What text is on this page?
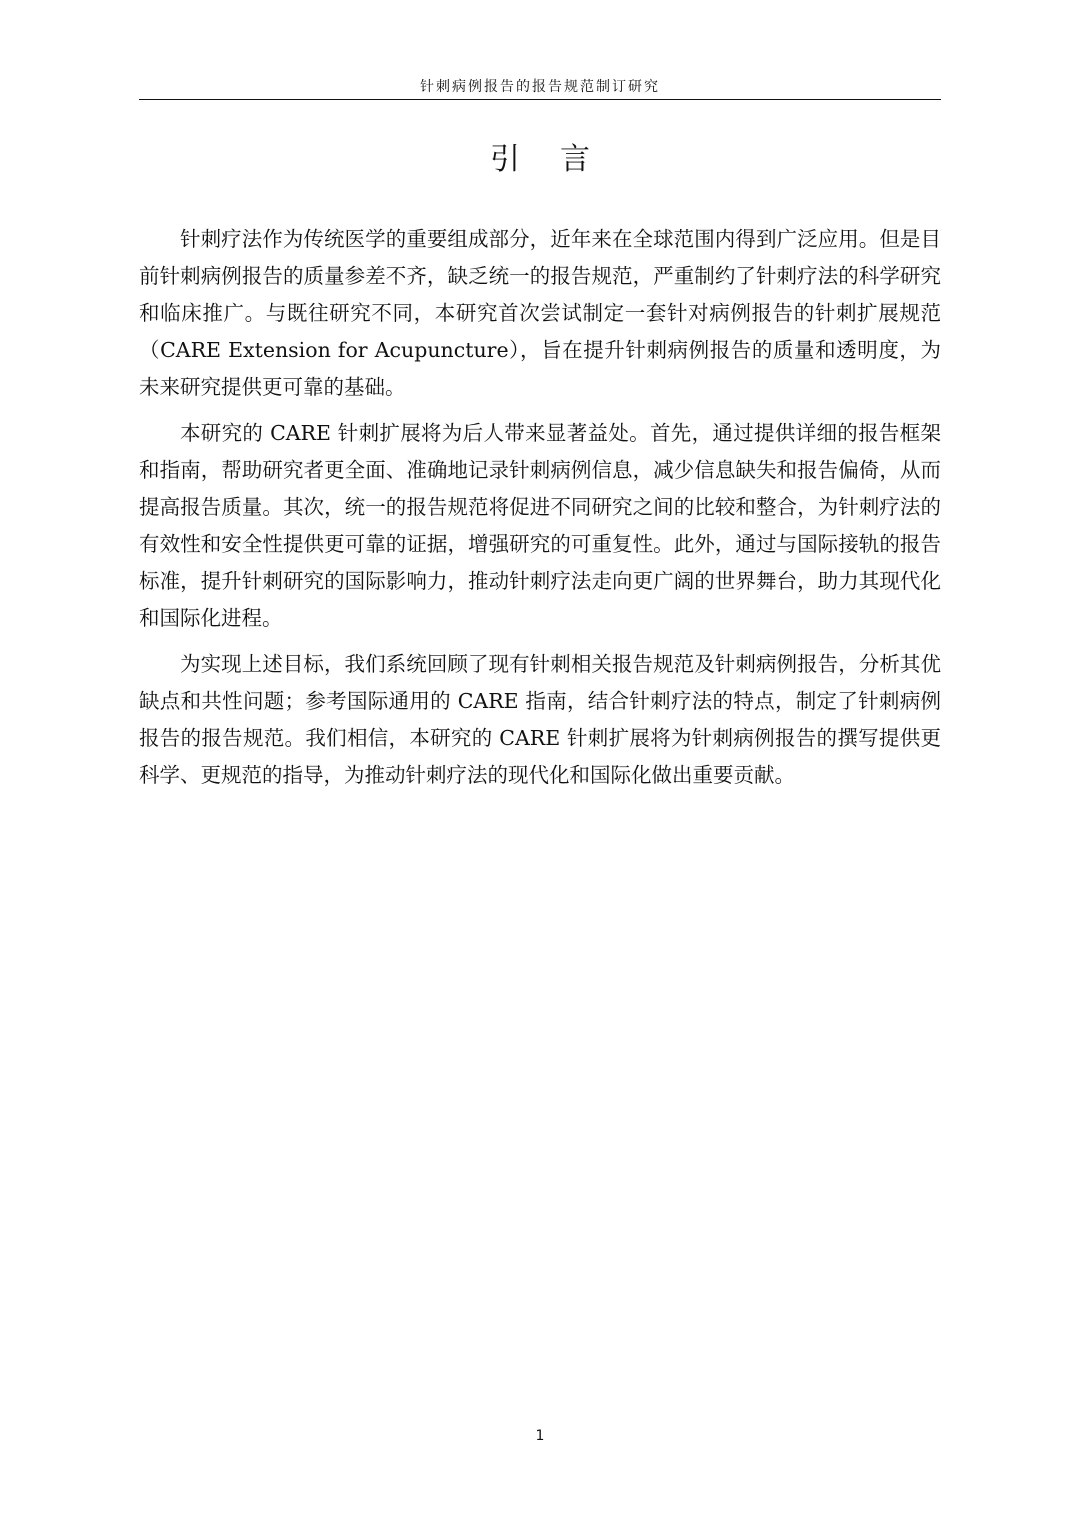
针刺病例报告的报告规范制订研究
引 言

针刺疗法作为传统医学的重要组成部分，近年来在全球范围内得到广泛应用。但是目前针刺病例报告的质量参差不齐，缺乏统一的报告规范，严重制约了针刺疗法的科学研究和临床推广。与既往研究不同，本研究首次尝试制定一套针对病例报告的针刺扩展规范（CARE Extension for Acupuncture），旨在提升针刺病例报告的质量和透明度，为未来研究提供更可靠的基础。

本研究的 CARE 针刺扩展将为后人带来显著益处。首先，通过提供详细的报告框架和指南，帮助研究者更全面、准确地记录针刺病例信息，减少信息缺失和报告偏倚，从而提高报告质量。其次，统一的报告规范将促进不同研究之间的比较和整合，为针刺疗法的有效性和安全性提供更可靠的证据，增强研究的可重复性。此外，通过与国际接轨的报告标准，提升针刺研究的国际影响力，推动针刺疗法走向更广阔的世界舞台，助力其现代化和国际化进程。

为实现上述目标，我们系统回顾了现有针刺相关报告规范及针刺病例报告，分析其优缺点和共性问题；参考国际通用的 CARE 指南，结合针刺疗法的特点，制定了针刺病例报告的报告规范。我们相信，本研究的 CARE 针刺扩展将为针刺病例报告的撰写提供更科学、更规范的指导，为推动针刺疗法的现代化和国际化做出重要贡献。

1
